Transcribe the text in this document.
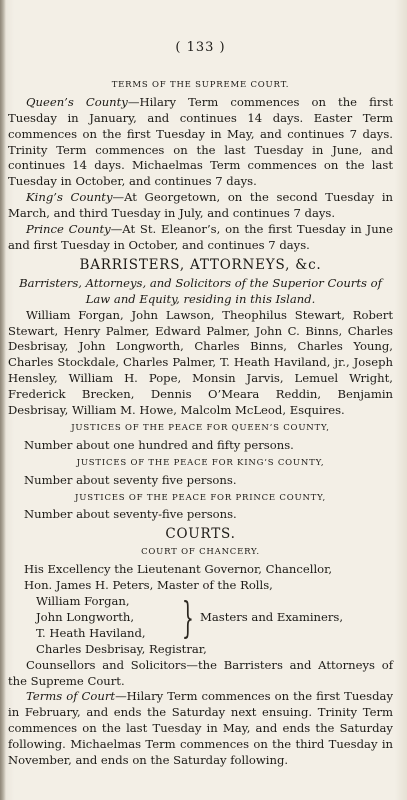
( 133 )
TERMS OF THE SUPREME COURT.

Queen’s County—Hilary Term commences on the first Tuesday in January, and continues 14 days. Easter Term commences on the first Tuesday in May, and continues 7 days. Trinity Term commences on the last Tuesday in June, and continues 14 days. Michaelmas Term commences on the last Tuesday in October, and continues 7 days.

King’s County—At Georgetown, on the second Tuesday in March, and third Tuesday in July, and continues 7 days.

Prince County—At St. Eleanor’s, on the first Tuesday in June and first Tuesday in October, and continues 7 days.

BARRISTERS, ATTORNEYS, &c.

Barristers, Attorneys, and Solicitors of the Superior Courts of Law and Equity, residing in this Island.

William Forgan, John Lawson, Theophilus Stewart, Robert Stewart, Henry Palmer, Edward Palmer, John C. Binns, Charles Desbrisay, John Longworth, Charles Binns, Charles Young, Charles Stockdale, Charles Palmer, T. Heath Haviland, jr., Joseph Hensley, William H. Pope, Monsin Jarvis, Lemuel Wright, Frederick Brecken, Dennis O’Meara Reddin, Benjamin Desbrisay, William M. Howe, Malcolm McLeod, Esquires.

JUSTICES OF THE PEACE FOR QUEEN’S COUNTY,

Number about one hundred and fifty persons.

JUSTICES OF THE PEACE FOR KING’S COUNTY,

Number about seventy five persons.

JUSTICES OF THE PEACE FOR PRINCE COUNTY,

Number about seventy-five persons.

COURTS.
COURT OF CHANCERY.

His Excellency the Lieutenant Governor, Chancellor,

Hon. James H. Peters, Master of the Rolls,

William Forgan,
John Longworth,
T. Heath Haviland, } Masters and Examiners,

Charles Desbrisay, Registrar,

Counsellors and Solicitors—the Barristers and Attorneys of the Supreme Court.

Terms of Court—Hilary Term commences on the first Tuesday in February, and ends the Saturday next ensuing. Trinity Term commences on the last Tuesday in May, and ends the Saturday following. Michaelmas Term commences on the third Tuesday in November, and ends on the Saturday following.
